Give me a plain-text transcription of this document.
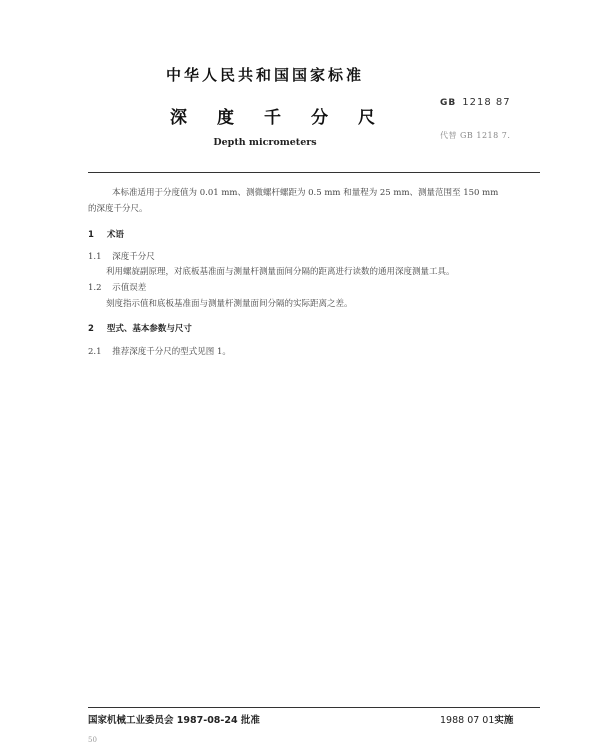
中华人民共和国国家标准
深 度 千 分 尺
Depth micrometers
GB 1218 87
代替 GB 1218 7.
本标准适用于分度值为 0.01 mm、测微螺杆螺距为 0.5 mm 和量程为 25 mm、测量范围至 150 mm
的深度千分尺。
1 术语
1.1 深度千分尺
利用螺旋副原理，对底板基准面与测量杆测量面间分隔的距离进行读数的通用深度测量工具。
1.2 示值误差
刻度指示值和底板基准面与测量杆测量面间分隔的实际距离之差。
2 型式、基本参数与尺寸
2.1 推荐深度千分尺的型式见图 1。
国家机械工业委员会 1987-08-24 批准	1988 07 01实施
50
